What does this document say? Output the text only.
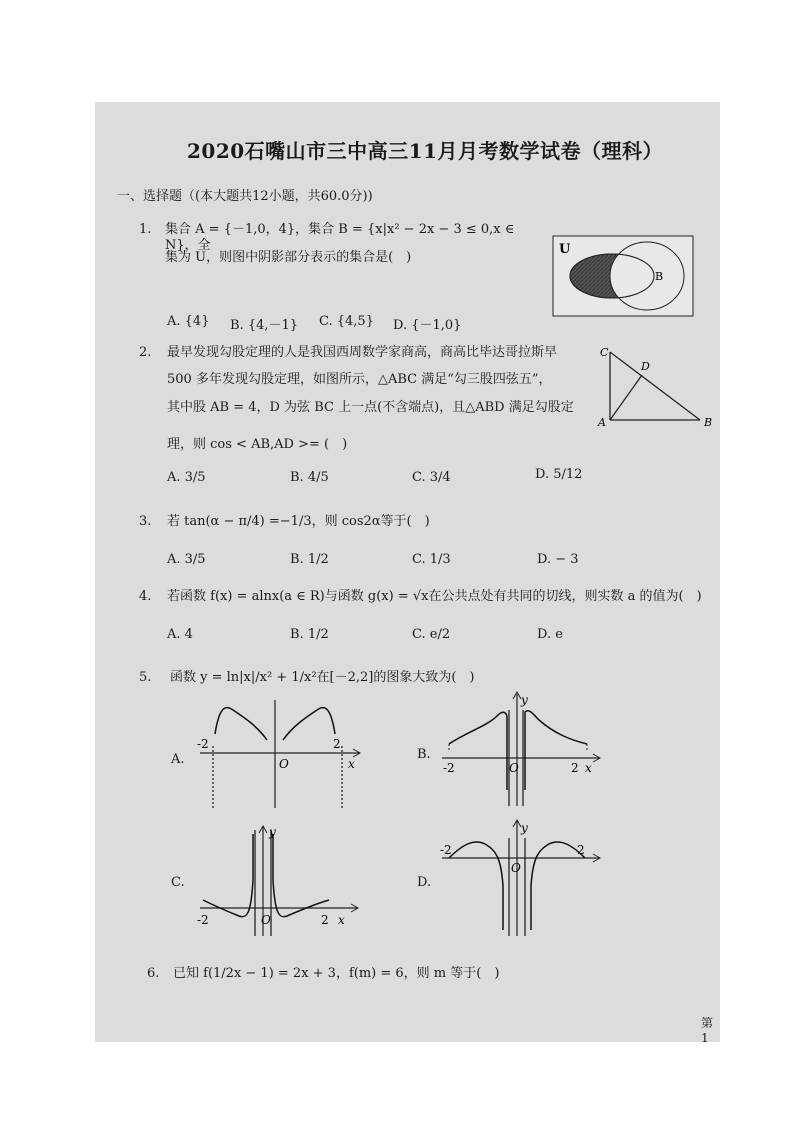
2020石嘴山市三中高三11月月考数学试卷（理科）
一、选择题（(本大题共12小题，共60.0分))
1. 集合 A = {－1,0，4}，集合 B = {x|x² − 2x − 3 ≤ 0,x ∈ N}，全
集为 U，则图中阴影部分表示的集合是(　)
A. {4} B. {4,－1} C. {4,5} D. {－1,0}
U
B
2. 最早发现勾股定理的人是我国西周数学家商高，商高比毕达哥拉斯早
500 多年发现勾股定理，如图所示，△ABC 满足“勾三股四弦五”，
其中股 AB = 4，D 为弦 BC 上一点(不含端点)，且△ABD 满足勾股定
理，则 cos < AB,AD >= (　)
A. 3/5	B. 4/5	C. 3/4	D. 5/12
C
D
A	B
3. 若 tan(α − π/4) =−1/3，则 cos2α等于(　)
A. 3/5	B. 1/2	C. 1/3	D. − 3
4. 若函数 f(x) = alnx(a ∈ R)与函数 g(x) = √x在公共点处有共同的切线，则实数 a 的值为(　)
A. 4	B. 1/2	C. e/2	D. e
5. 函数 y = ln|x|/x² + 1/x²在[－2,2]的图象大致为(　)
A.	B.
C.	D.
-2	2
O	x	-2	2
O	x
y
-2	2
O	x
y
-2	2
O
y
6. 已知 f(1/2x − 1) = 2x + 3，f(m) = 6，则 m 等于(　)
第1
